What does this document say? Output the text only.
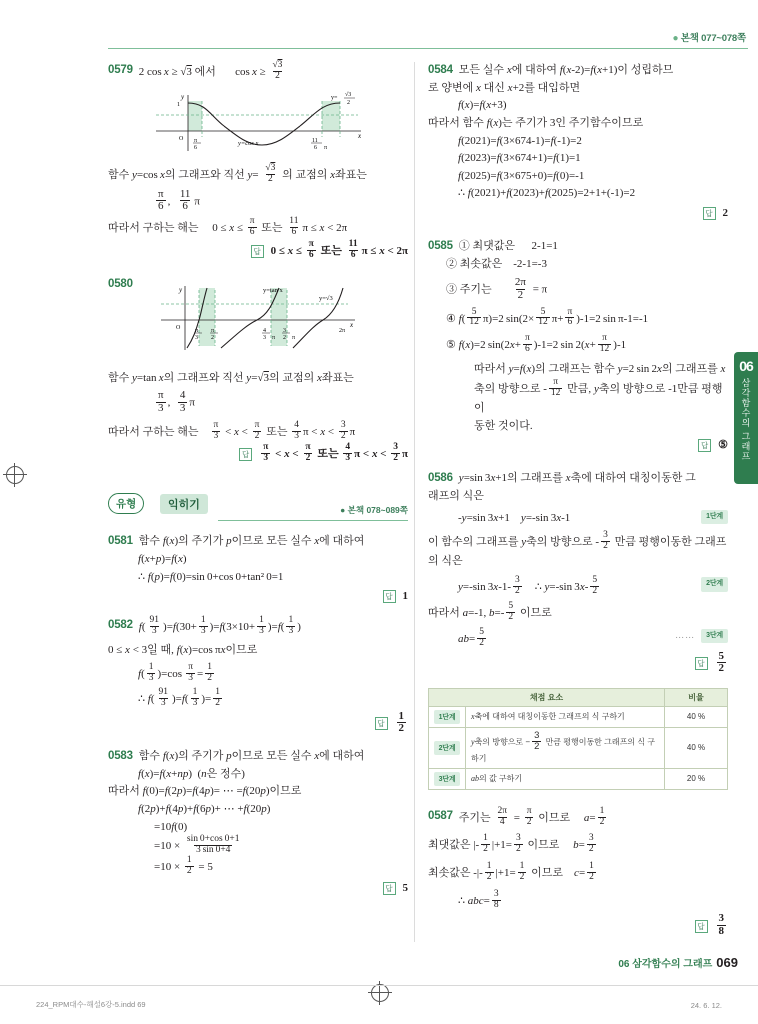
● 본책 077~078쪽
0579 2 cos x ≥ √3 에서       $\cos x \ge \frac{√3}{2}$
y
1
O	x
y=cos x
π
6
11
6 π
y= √3
2
함수 y=cos x의 그래프와 직선 $y= \frac{√3}{2}$ 의 교점의 x좌표는
$\frac{\pi}{6}$ , $\frac{11}{6}$ π
따라서 구하는 해는     $0 \le x \le \frac{\pi}{6}$ 또는 $\frac{11}{6}$ π ≤ x < 2π
답
$0 \le x \le \frac{\pi}{6}$ 또는 $\frac{11}{6}$ π ≤ x < 2π
0580	y
O	x
y=tan x
y=√3
π
3
π
2
4
3 π
3
2 π
2π
함수 y=tan x의 그래프와 직선 y=√3의 교점의 x좌표는
$\frac{\pi}{3}$ , $\frac{4}{3}$ π
따라서 구하는 해는 $\frac{\pi}{3} < x < \frac{\pi}{2}$ 또는 $\frac{4}{3}$ $\pi < x < \frac{3}{2}$ π
답
$\frac{\pi}{3} < x < \frac{\pi}{2}$ 또는 $\frac{4}{3}$ $\pi < x < \frac{3}{2}$ π
유형	익히기	● 본책 078~089쪽
0581 함수 f(x)의 주기가 p이므로 모든 실수 x에 대하여
f(x+p)=f(x)
∴ f(p)=f(0)=sin 0+cos 0+tan² 0=1
답
1
0582 $f( \frac{91}{3} )=f(30+ \frac{1}{3} )=f(3\times 10+ \frac{1}{3} )=f( \frac{1}{3}$ )
0 ≤ x < 3일 때, f(x)=cos πx이므로
$f( \frac{1}{3} )=\cos \frac{\pi}{3} = \frac{1}{2}$
∴ $f( \frac{91}{3} )=f( \frac{1}{3}$ )= $\frac{1}{2}$
답
$\frac{1}{2}$
0583 함수 f(x)의 주기가 p이므로 모든 실수 x에 대하여
f(x)=f(x+np)  (n은 정수)
따라서 f(0)=f(2p)=f(4p)= ⋯ =f(20p)이므로
f(2p)+f(4p)+f(6p)+ ⋯ +f(20p)
=10f(0)
$=10 \times \frac{\sin 0+\cos 0+1}{3 \sin 0+4}$
$=10 \times \frac{1}{2} = 5$
답
5
0584 모든 실수 x에 대하여 f(x-2)=f(x+1)이 성립하므
로 양변에 x 대신 x+2를 대입하면
f(x)=f(x+3)
따라서 함수 f(x)는 주기가 3인 주기함수이므로
f(2021)=f(3×674-1)=f(-1)=2
f(2023)=f(3×674+1)=f(1)=1
f(2025)=f(3×675+0)=f(0)=-1
∴ f(2021)+f(2023)+f(2025)=2+1+(-1)=2
답
2
0585 ① 최댓값은      2-1=1
② 최솟값은    -2-1=-3
③ 주기는 $\frac{2\pi}{2} = \pi$
④ $f( \frac{5}{12} \pi)=2$ $\sin(2\times \frac{5}{12} \pi+ \frac{\pi}{6} )-1=2$ sin π-1=-1
⑤ f(x)=2 $\sin(2x+ \frac{\pi}{6} )-1=2$ $\sin 2(x+ \frac{\pi}{12} )-1$
따라서 y=f(x)의 그래프는 함수 y=2 sin 2x의 그래프를 x
축의 방향으로 - $\frac{\pi}{12}$ 만큼, y축의 방향으로 -1만큼 평행이
동한 것이다.
답
⑤
0586 y=sin 3x+1의 그래프를 x축에 대하여 대칭이동한 그
래프의 식은
-y=sin 3x+1    y=-sin 3x-1	1단계
이 함수의 그래프를 y축의 방향으로 - $\frac{3}{2}$ 만큼 평행이동한 그래프
의 식은
y=-sin $3x-1- \frac{3}{2}$ ∴ y=-sin $3x- \frac{5}{2}$	2단계
따라서 a=-1, $b=- \frac{5}{2}$ 이므로
$ab= \frac{5}{2}$	……	3단계
답
$\frac{5}{2}$
채점 요소		비율
1단계	x축에 대하여 대칭이동한 그래프의 식 구하기	40 %
2단계	y축의 방향으로 − $\frac{3}{2}$ 만큼 평행이동한 그래프의 식 구하기	40 %
3단계	ab의 값 구하기	20 %
0587 주기는 $\frac{2\pi}{4} = \frac{\pi}{2}$ 이므로     $a= \frac{1}{2}$
최댓값은 |- $\frac{1}{2} |+1= \frac{3}{2}$ 이므로     $b= \frac{3}{2}$
최솟값은 -|- $\frac{1}{2} |+1= \frac{1}{2}$ 이므로    $c= \frac{1}{2}$
∴ $abc= \frac{3}{8}$
답
$\frac{3}{8}$
06
삼각함수의 그래프
06 삼각함수의 그래프 069
224_RPM대수-해설6강-5.indd 69	24. 6. 12.
